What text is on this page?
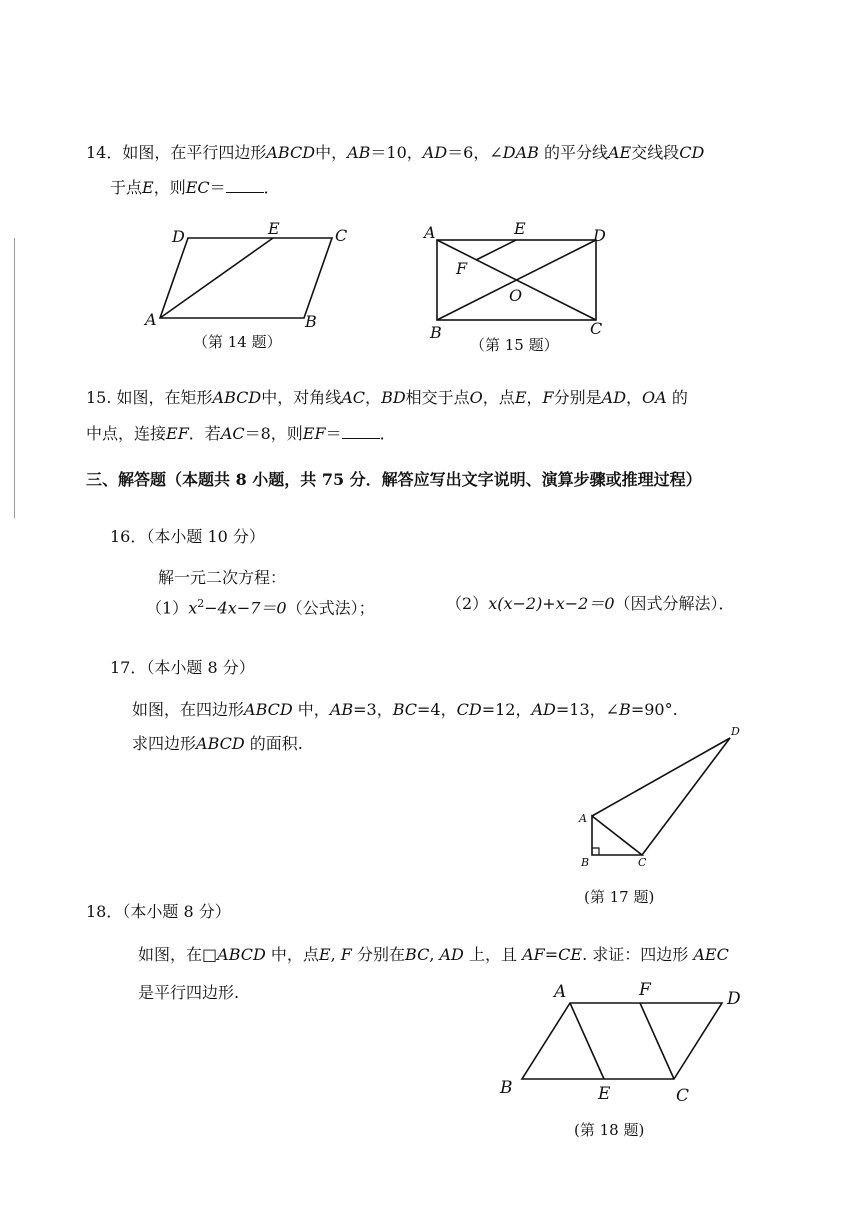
14．如图，在平行四边形ABCD中，AB＝10，AD＝6，∠DAB 的平分线AE交线段CD
于点E，则EC＝ ．
D	E	C
A	B
（第 14 题）
A	E	D
F
O
B	C
（第 15 题）
D
A
B	C
(第 17 题)
A	F	D
B	E	C
(第 18 题)
15. 如图，在矩形ABCD中，对角线AC，BD相交于点O，点E，F分别是AD，OA 的
中点，连接EF．若AC＝8，则EF＝ ．
三、解答题（本题共 8 小题，共 75 分．解答应写出文字说明、演算步骤或推理过程）
16．（本小题 10 分）
解一元二次方程：
$(1)x^2-4x-7=0$（公式法）；	（2）x(x−2)+x−2＝0（因式分解法）．
17．（本小题 8 分）
如图，在四边形ABCD 中，AB=3，BC=4，CD=12，AD=13，∠B=90°.
求四边形ABCD 的面积.
18．（本小题 8 分）
如图，在□ABCD 中，点E, F 分别在BC, AD 上，且 AF=CE. 求证：四边形 AEC
是平行四边形.
